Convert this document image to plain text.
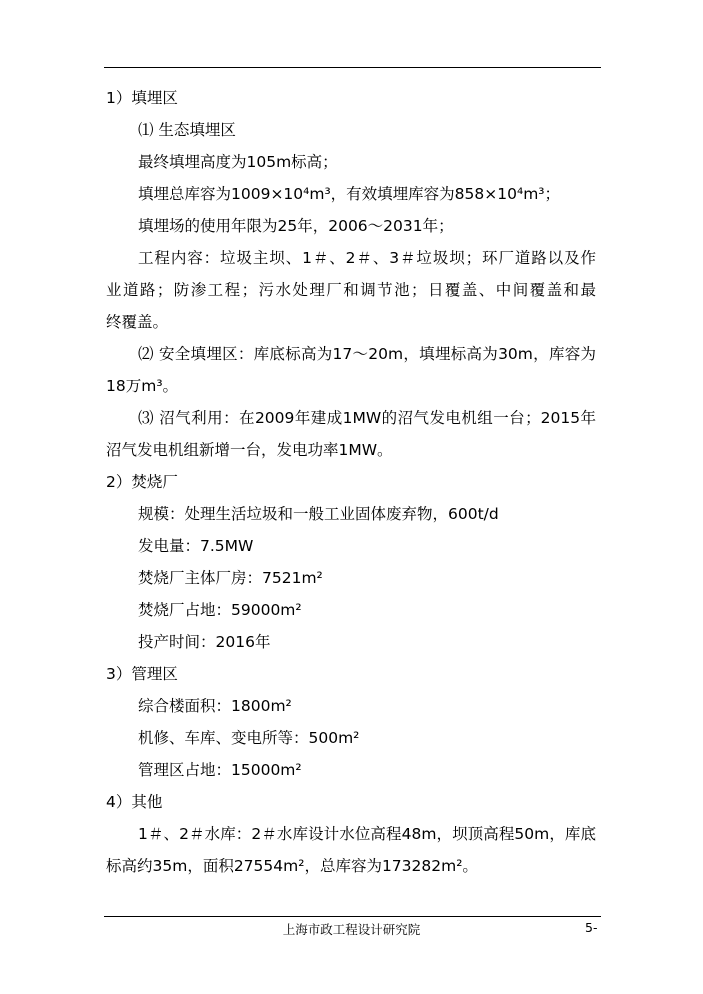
1）填埋区
⑴ 生态填埋区
最终填埋高度为105m标高；
填埋总库容为1009×10⁴m³，有效填埋库容为858×10⁴m³；
填埋场的使用年限为25年，2006～2031年；
工程内容：垃圾主坝、1＃、2＃、3＃垃圾坝；环厂道路以及作
业道路；防渗工程；污水处理厂和调节池；日覆盖、中间覆盖和最
终覆盖。
⑵ 安全填埋区：库底标高为17～20m，填埋标高为30m，库容为
18万m³。
⑶ 沼气利用：在2009年建成1MW的沼气发电机组一台；2015年
沼气发电机组新增一台，发电功率1MW。
2）焚烧厂
规模：处理生活垃圾和一般工业固体废弃物，600t/d
发电量：7.5MW
焚烧厂主体厂房：7521m²
焚烧厂占地：59000m²
投产时间：2016年
3）管理区
综合楼面积：1800m²
机修、车库、变电所等：500m²
管理区占地：15000m²
4）其他
1＃、2＃水库：2＃水库设计水位高程48m，坝顶高程50m，库底
标高约35m，面积27554m²，总库容为173282m²。
上海市政工程设计研究院	5-
